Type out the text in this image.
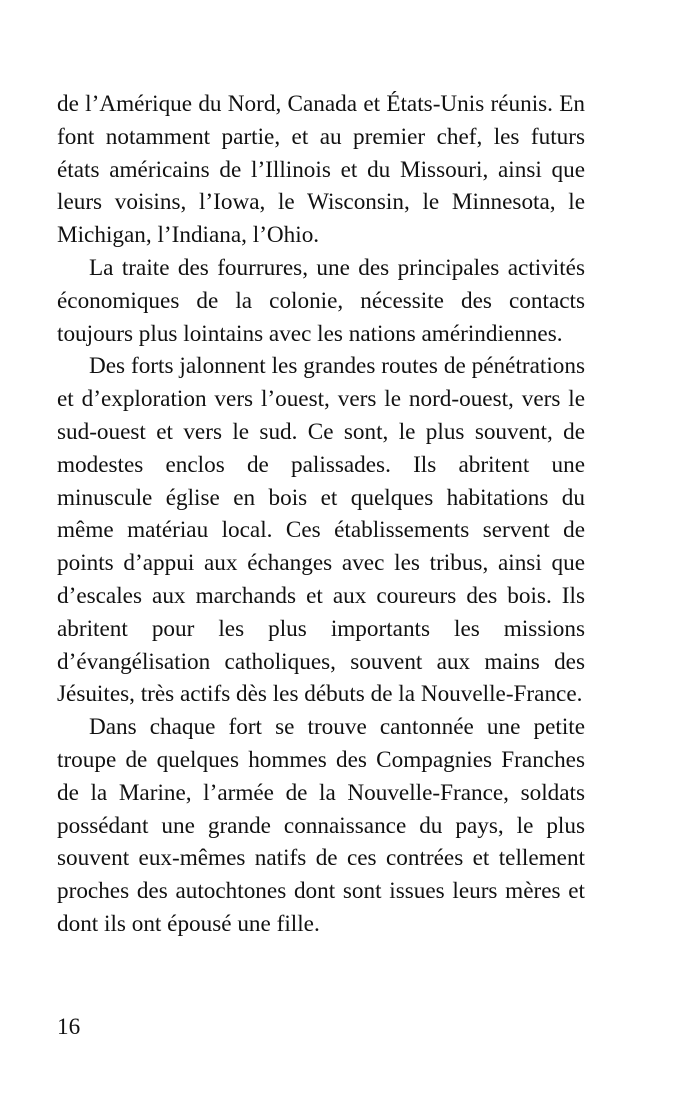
de l’Amérique du Nord, Canada et États-Unis réunis. En font notamment partie, et au premier chef, les futurs états américains de l’Illinois et du Missouri, ainsi que leurs voisins, l’Iowa, le Wisconsin, le Minnesota, le Michigan, l’Indiana, l’Ohio.

La traite des fourrures, une des principales activités économiques de la colonie, nécessite des contacts toujours plus lointains avec les nations amérindiennes.

Des forts jalonnent les grandes routes de pénétrations et d’exploration vers l’ouest, vers le nord-ouest, vers le sud-ouest et vers le sud. Ce sont, le plus souvent, de modestes enclos de palissades. Ils abritent une minuscule église en bois et quelques habitations du même matériau local. Ces établissements servent de points d’appui aux échanges avec les tribus, ainsi que d’escales aux marchands et aux coureurs des bois. Ils abritent pour les plus importants les missions d’évangélisation catholiques, souvent aux mains des Jésuites, très actifs dès les débuts de la Nouvelle-France.

Dans chaque fort se trouve cantonnée une petite troupe de quelques hommes des Compagnies Franches de la Marine, l’armée de la Nouvelle-France, soldats possédant une grande connaissance du pays, le plus souvent eux-mêmes natifs de ces contrées et tellement proches des autochtones dont sont issues leurs mères et dont ils ont épousé une fille.

16
